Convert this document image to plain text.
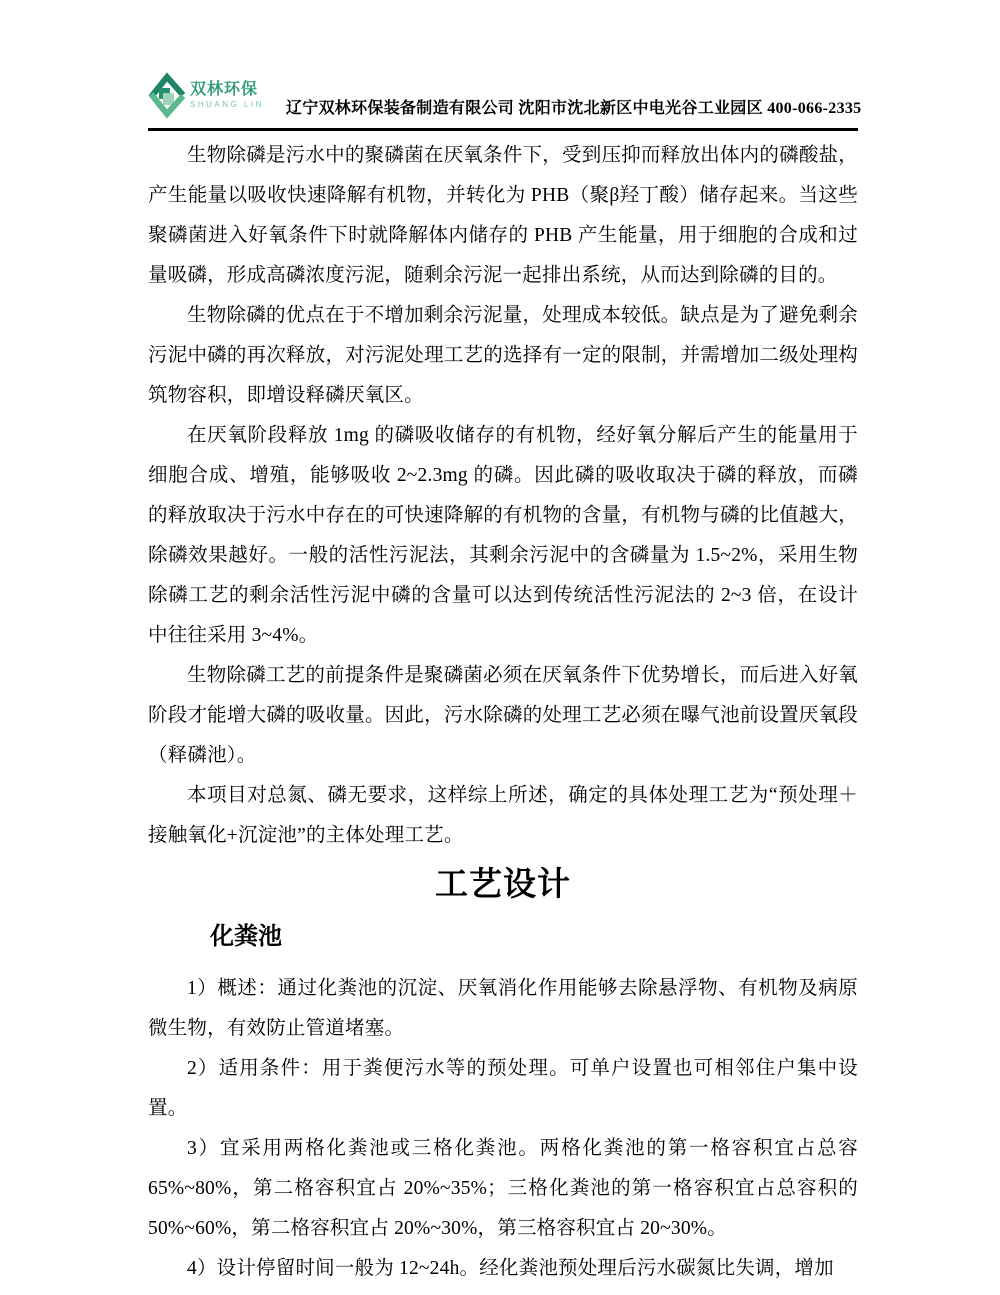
双林环保
SHUANG LIN 辽宁双林环保装备制造有限公司 沈阳市沈北新区中电光谷工业园区 400-066-2335

生物除磷是污水中的聚磷菌在厌氧条件下，受到压抑而释放出体内的磷酸盐，产生能量以吸收快速降解有机物，并转化为 PHB（聚β羟丁酸）储存起来。当这些聚磷菌进入好氧条件下时就降解体内储存的 PHB 产生能量，用于细胞的合成和过量吸磷，形成高磷浓度污泥，随剩余污泥一起排出系统，从而达到除磷的目的。

生物除磷的优点在于不增加剩余污泥量，处理成本较低。缺点是为了避免剩余污泥中磷的再次释放，对污泥处理工艺的选择有一定的限制，并需增加二级处理构筑物容积，即增设释磷厌氧区。

在厌氧阶段释放 1mg 的磷吸收储存的有机物，经好氧分解后产生的能量用于细胞合成、增殖，能够吸收 2~2.3mg 的磷。因此磷的吸收取决于磷的释放，而磷的释放取决于污水中存在的可快速降解的有机物的含量，有机物与磷的比值越大，除磷效果越好。一般的活性污泥法，其剩余污泥中的含磷量为 1.5~2%，采用生物除磷工艺的剩余活性污泥中磷的含量可以达到传统活性污泥法的 2~3 倍，在设计中往往采用 3~4%。

生物除磷工艺的前提条件是聚磷菌必须在厌氧条件下优势增长，而后进入好氧阶段才能增大磷的吸收量。因此，污水除磷的处理工艺必须在曝气池前设置厌氧段（释磷池）。

本项目对总氮、磷无要求，这样综上所述，确定的具体处理工艺为“预处理＋接触氧化+沉淀池”的主体处理工艺。

工艺设计
化粪池

1）概述：通过化粪池的沉淀、厌氧消化作用能够去除悬浮物、有机物及病原微生物，有效防止管道堵塞。

2）适用条件：用于粪便污水等的预处理。可单户设置也可相邻住户集中设置。

3）宜采用两格化粪池或三格化粪池。两格化粪池的第一格容积宜占总容65%~80%，第二格容积宜占 20%~35%；三格化粪池的第一格容积宜占总容积的50%~60%，第二格容积宜占 20%~30%，第三格容积宜占 20~30%。

4）设计停留时间一般为 12~24h。经化粪池预处理后污水碳氮比失调，增加
